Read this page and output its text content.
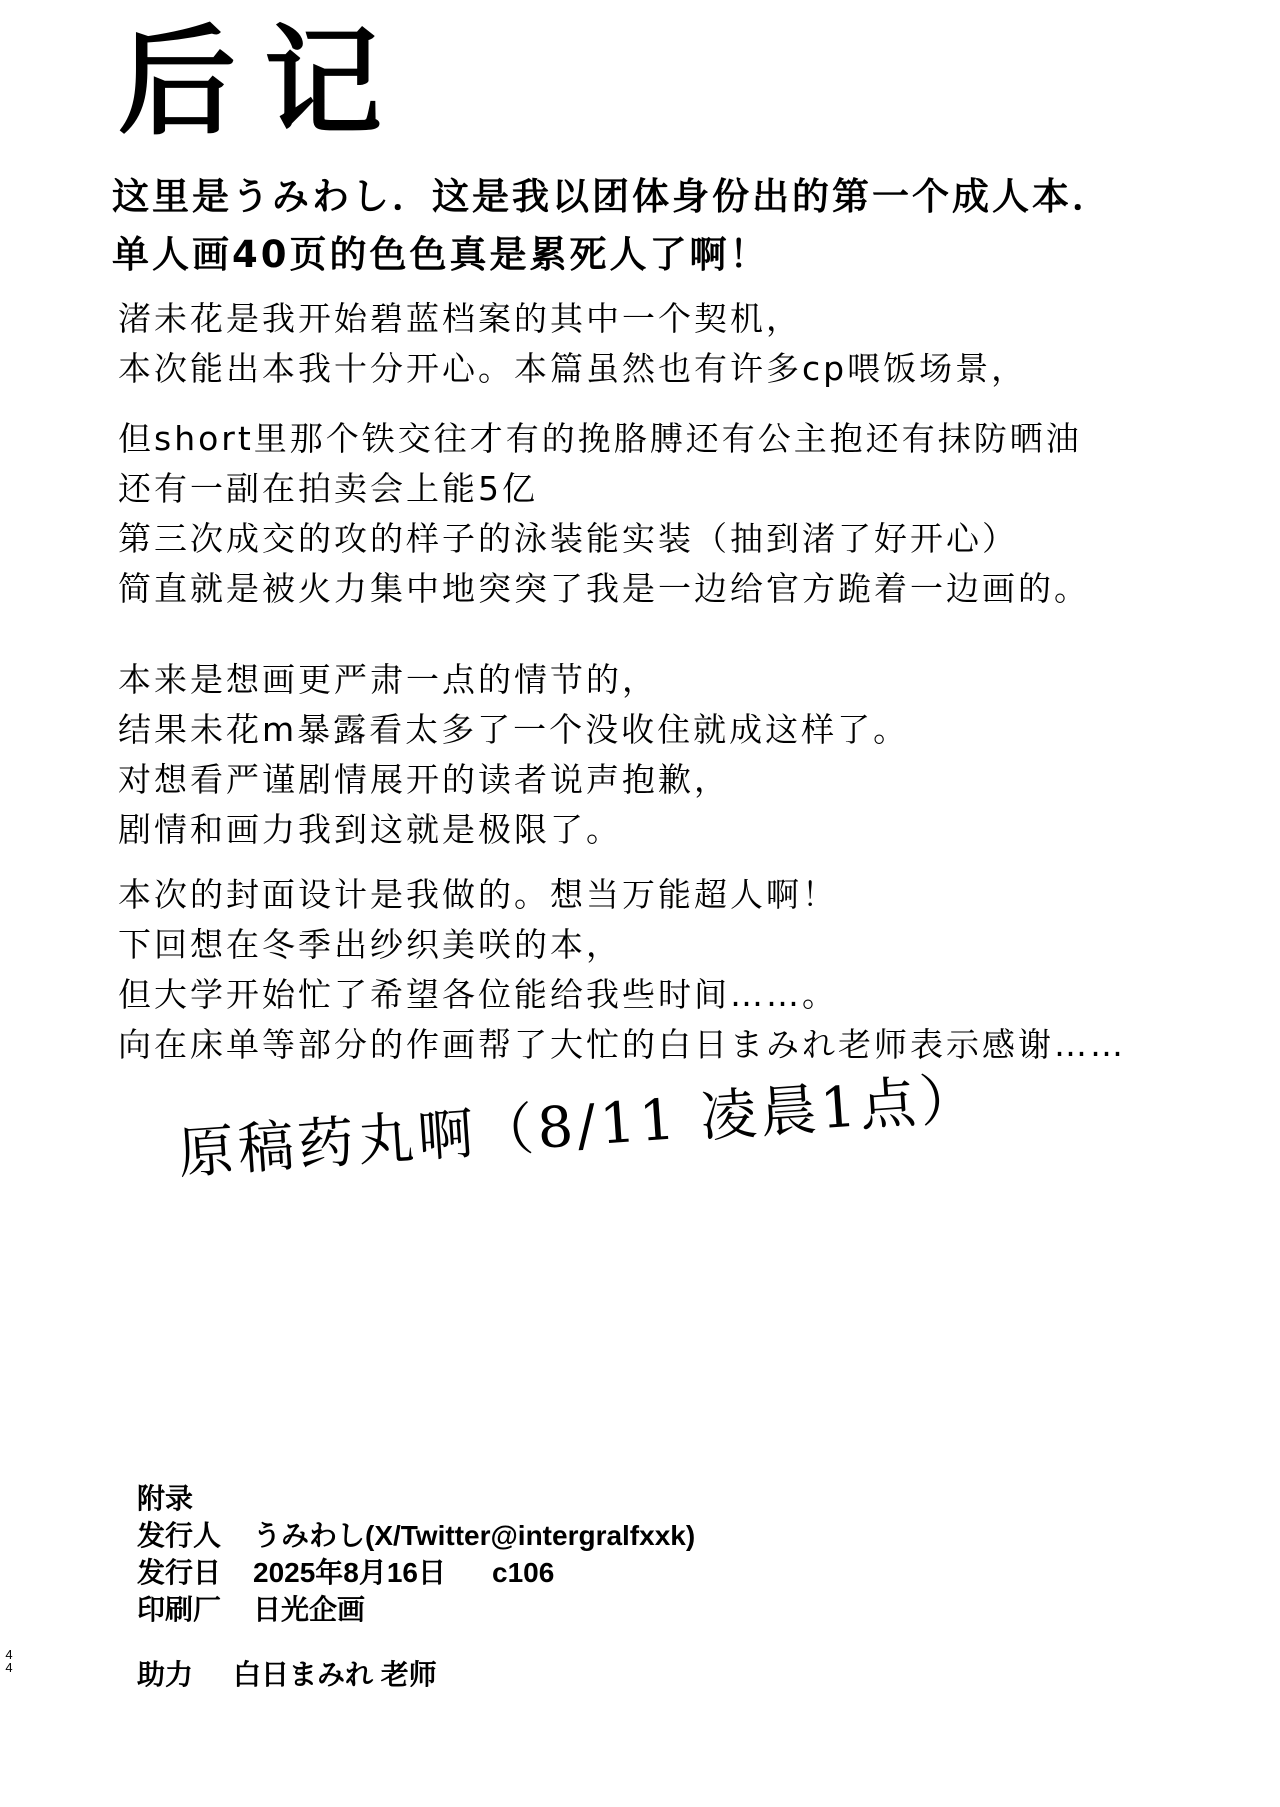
后记
这里是うみわし．这是我以团体身份出的第一个成人本．
单人画40页的色色真是累死人了啊！
渚未花是我开始碧蓝档案的其中一个契机，
本次能出本我十分开心。本篇虽然也有许多cp喂饭场景，
但short里那个铁交往才有的挽胳膊还有公主抱还有抹防晒油
还有一副在拍卖会上能5亿
第三次成交的攻的样子的泳装能实装（抽到渚了好开心）
简直就是被火力集中地突突了我是一边给官方跪着一边画的。
本来是想画更严肃一点的情节的，
结果未花m暴露看太多了一个没收住就成这样了。
对想看严谨剧情展开的读者说声抱歉，
剧情和画力我到这就是极限了。
本次的封面设计是我做的。想当万能超人啊！
下回想在冬季出纱织美咲的本，
但大学开始忙了希望各位能给我些时间……。
向在床单等部分的作画帮了大忙的白日まみれ老师表示感谢……
原稿药丸啊（8/11 凌晨1点）
附录
发行人 うみわし(X/Twitter@intergralfxxk)
发行日 2025年8月16日 c106
印刷厂 日光企画
助力 白日まみれ 老师
44
